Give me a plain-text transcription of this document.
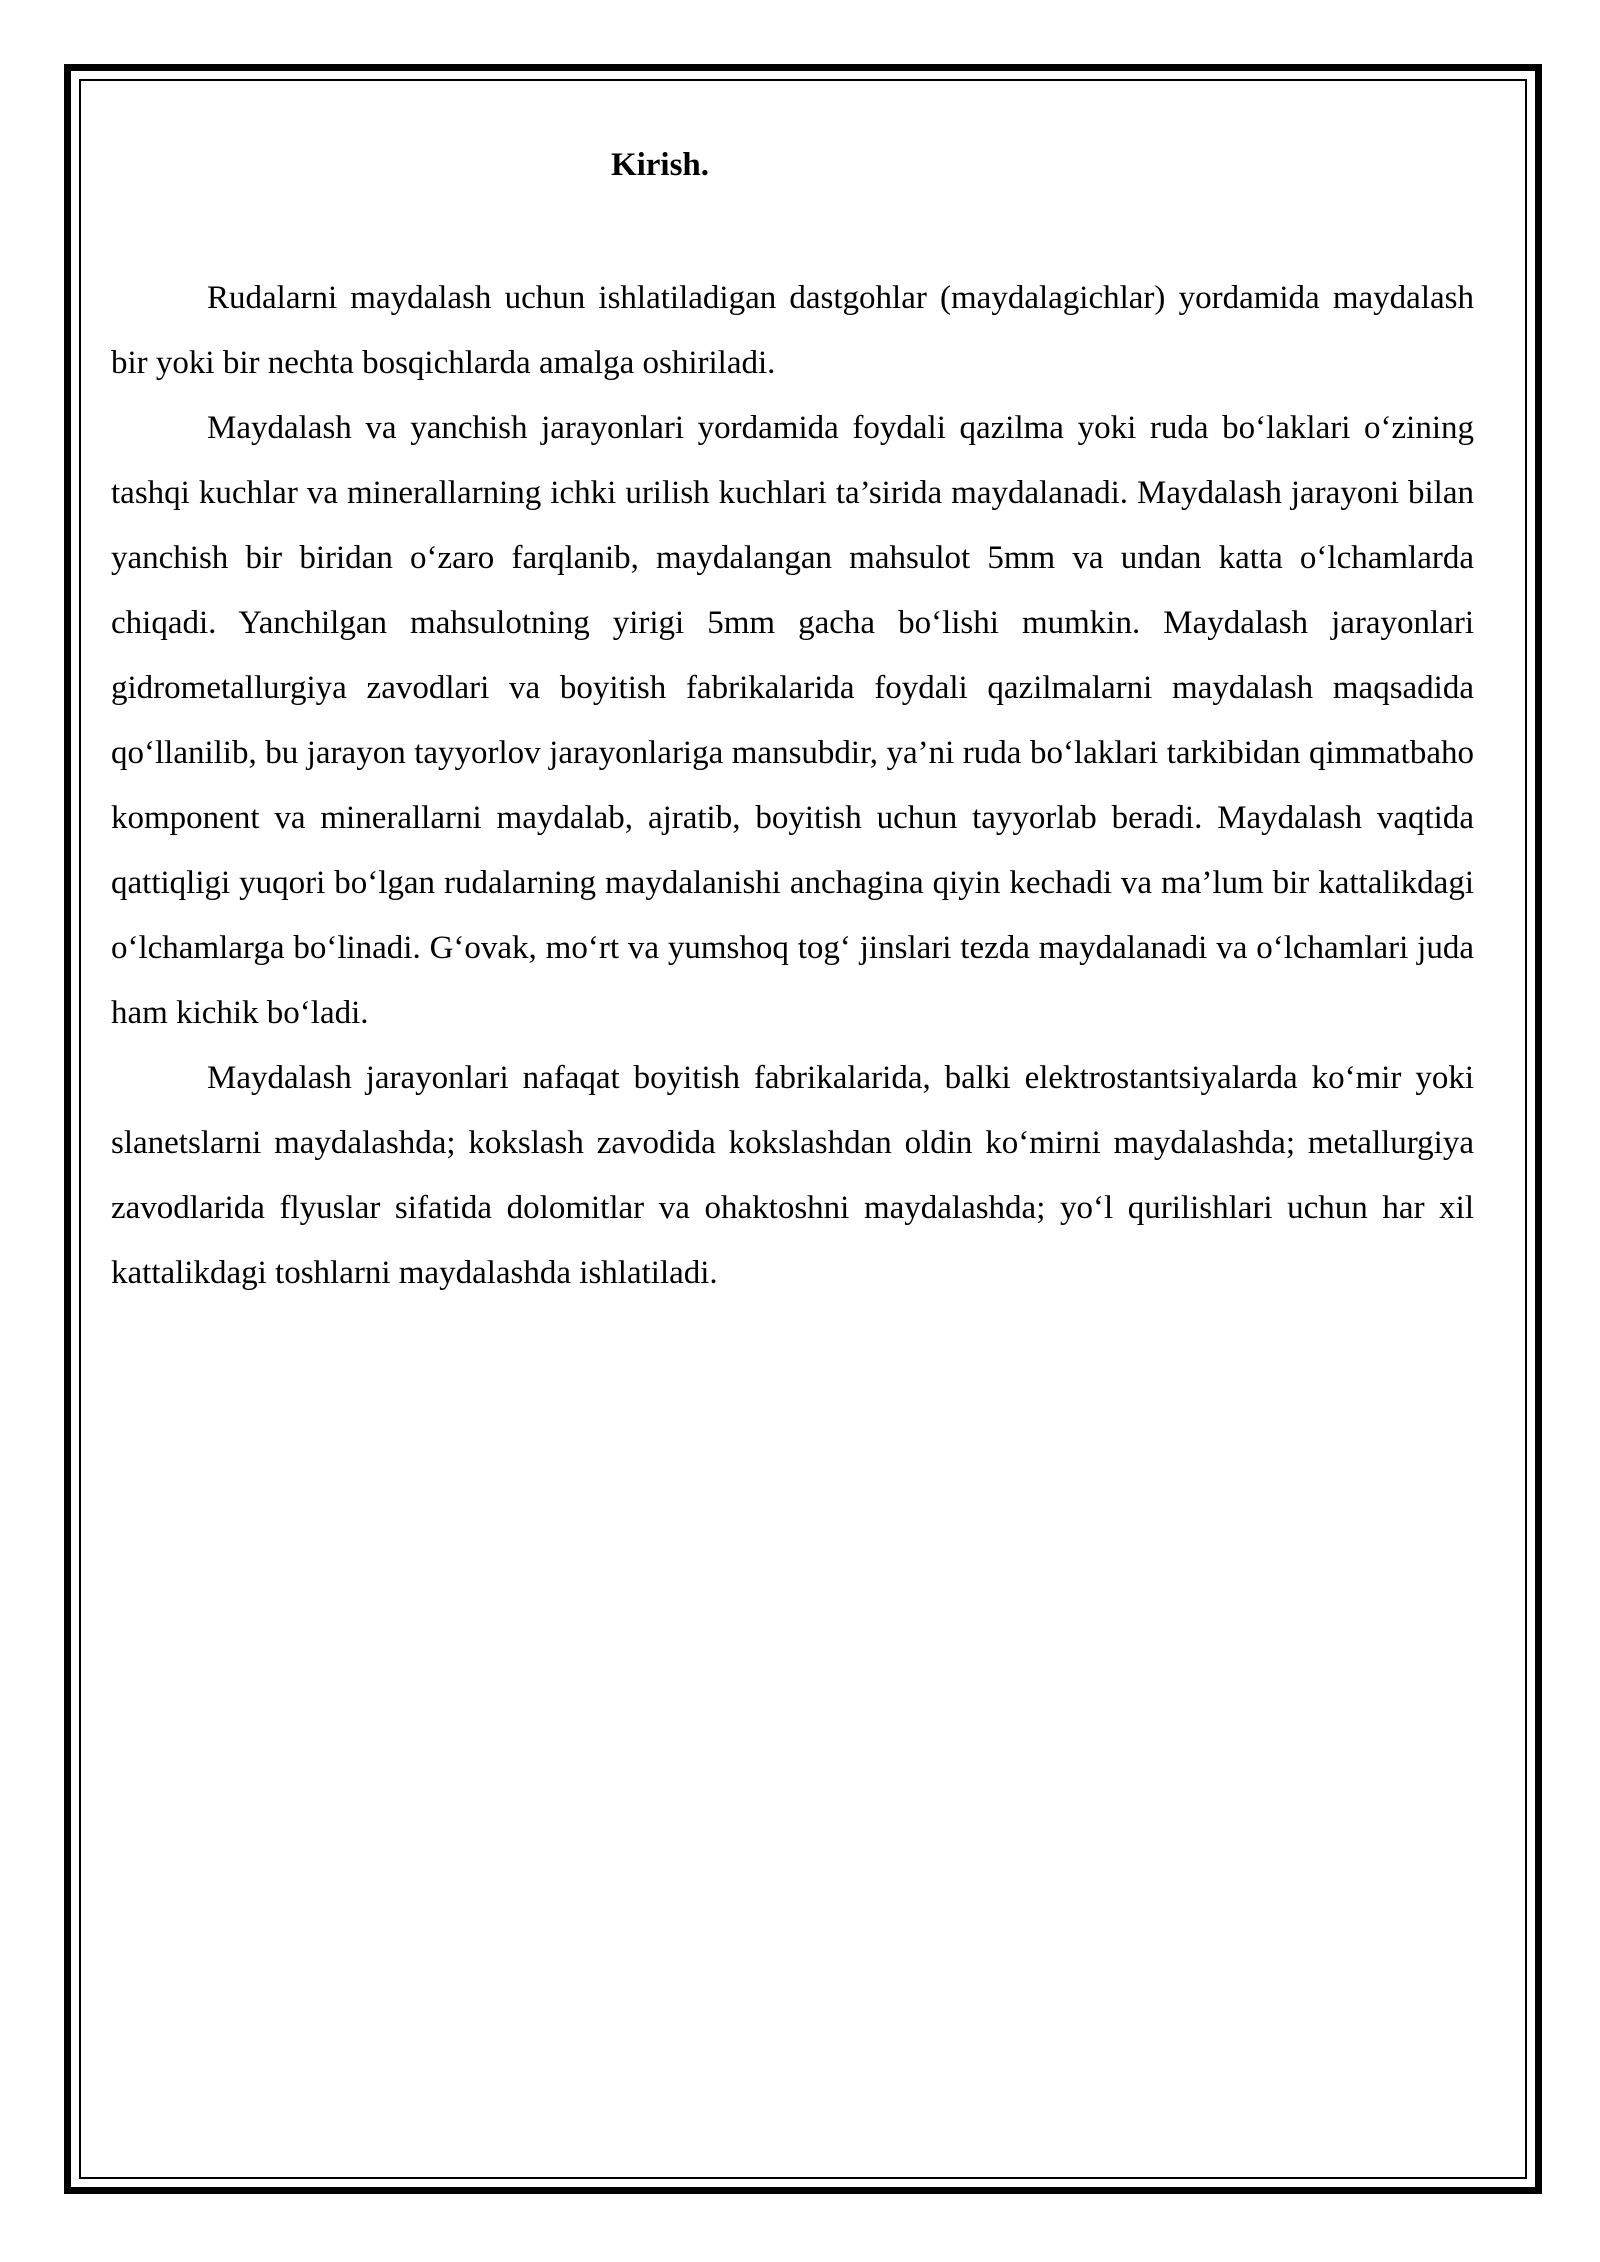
Kirish.

Rudalarni maydalash uchun ishlatiladigan dastgohlar (maydalagichlar) yordamida maydalash bir yoki bir nechta bosqichlarda amalga oshiriladi.

Maydalash va yanchish jarayonlari yordamida foydali qazilma yoki ruda bo‘laklari o‘zining tashqi kuchlar va minerallarning ichki urilish kuchlari ta’sirida maydalanadi. Maydalash jarayoni bilan yanchish bir biridan o‘zaro farqlanib, maydalangan mahsulot 5mm va undan katta o‘lchamlarda chiqadi. Yanchilgan mahsulotning yirigi 5mm gacha bo‘lishi mumkin. Maydalash jarayonlari gidrometallurgiya zavodlari va boyitish fabrikalarida foydali qazilmalarni maydalash maqsadida qo‘llanilib, bu jarayon tayyorlov jarayonlariga mansubdir, ya’ni ruda bo‘laklari tarkibidan qimmatbaho komponent va minerallarni maydalab, ajratib, boyitish uchun tayyorlab beradi. Maydalash vaqtida qattiqligi yuqori bo‘lgan rudalarning maydalanishi anchagina qiyin kechadi va ma’lum bir kattalikdagi o‘lchamlarga bo‘linadi. G‘ovak, mo‘rt va yumshoq tog‘ jinslari tezda maydalanadi va o‘lchamlari juda ham kichik bo‘ladi.

Maydalash jarayonlari nafaqat boyitish fabrikalarida, balki elektrostantsiyalarda ko‘mir yoki slanetslarni maydalashda; kokslash zavodida kokslashdan oldin ko‘mirni maydalashda; metallurgiya zavodlarida flyuslar sifatida dolomitlar va ohaktoshni maydalashda; yo‘l qurilishlari uchun har xil kattalikdagi toshlarni maydalashda ishlatiladi.
